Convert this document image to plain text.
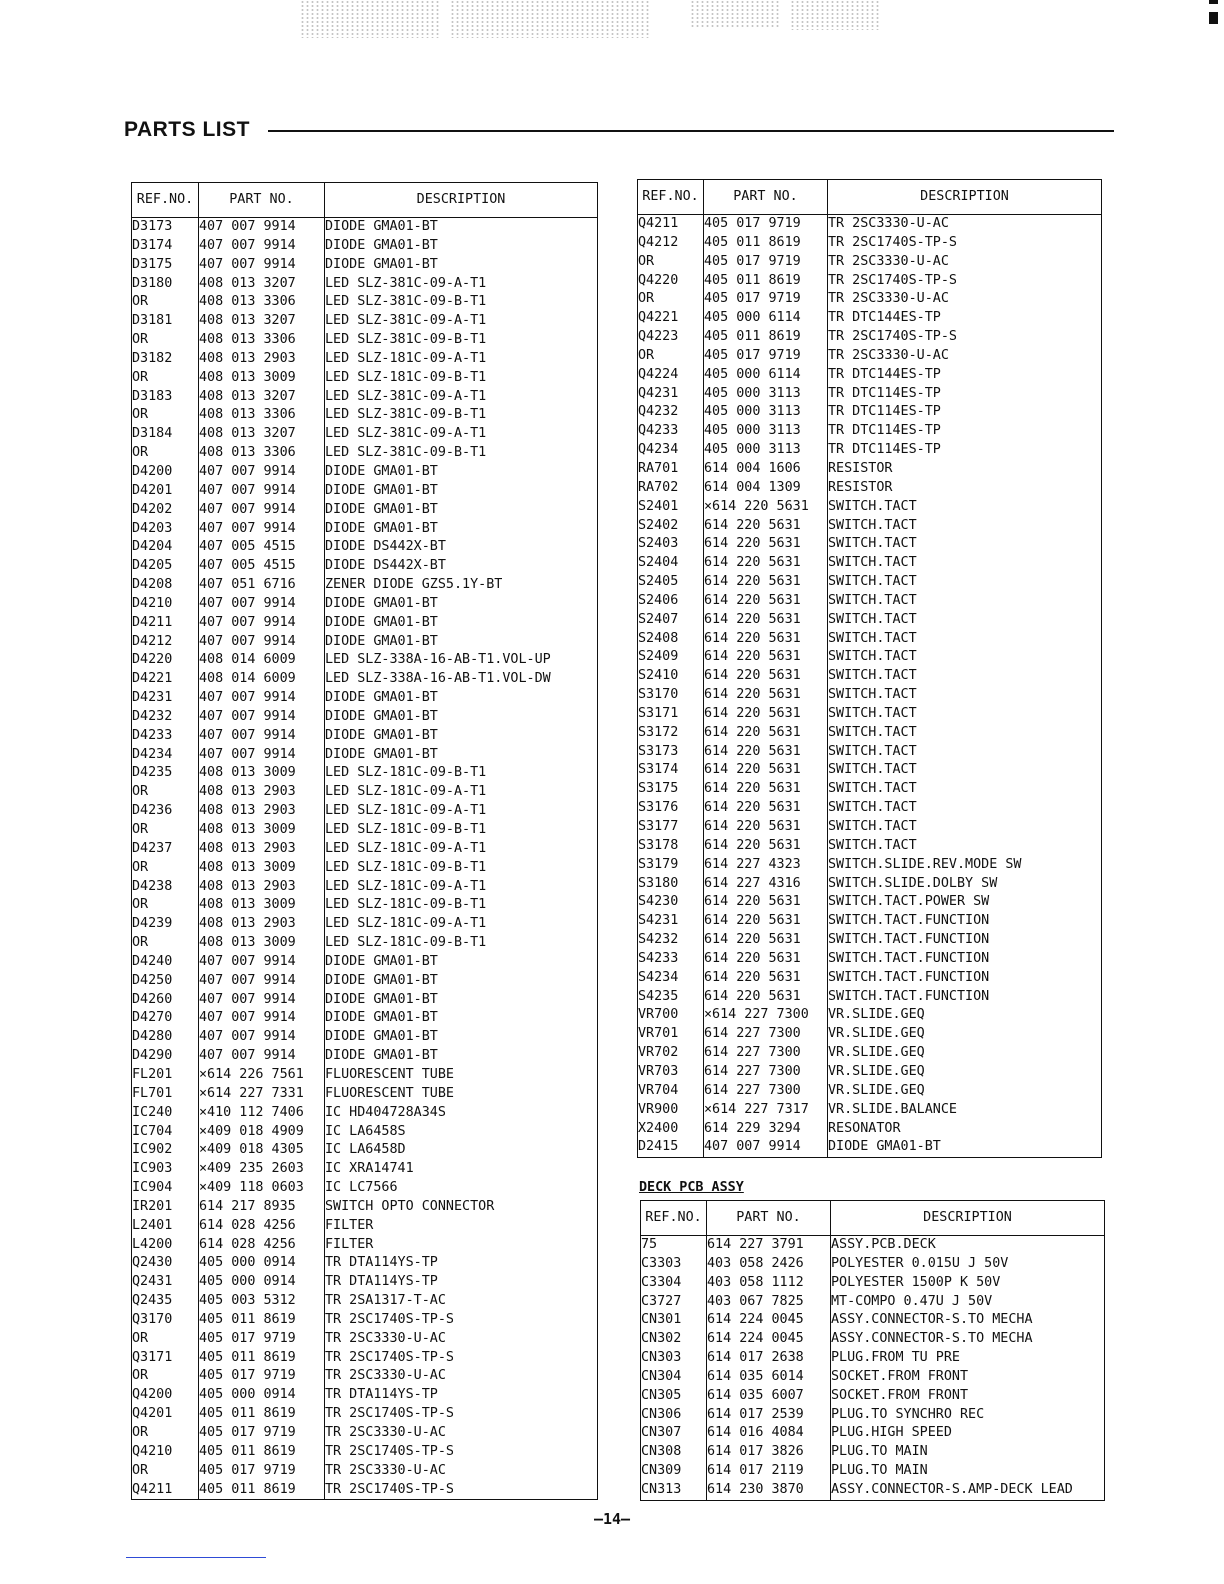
PARTS LIST
REF.NO.	PART NO.	DESCRIPTION
D3173	407 007 9914	DIODE GMA01-BT
D3174	407 007 9914	DIODE GMA01-BT
D3175	407 007 9914	DIODE GMA01-BT
D3180	408 013 3207	LED SLZ-381C-09-A-T1
OR	408 013 3306	LED SLZ-381C-09-B-T1
D3181	408 013 3207	LED SLZ-381C-09-A-T1
OR	408 013 3306	LED SLZ-381C-09-B-T1
D3182	408 013 2903	LED SLZ-181C-09-A-T1
OR	408 013 3009	LED SLZ-181C-09-B-T1
D3183	408 013 3207	LED SLZ-381C-09-A-T1
OR	408 013 3306	LED SLZ-381C-09-B-T1
D3184	408 013 3207	LED SLZ-381C-09-A-T1
OR	408 013 3306	LED SLZ-381C-09-B-T1
D4200	407 007 9914	DIODE GMA01-BT
D4201	407 007 9914	DIODE GMA01-BT
D4202	407 007 9914	DIODE GMA01-BT
D4203	407 007 9914	DIODE GMA01-BT
D4204	407 005 4515	DIODE DS442X-BT
D4205	407 005 4515	DIODE DS442X-BT
D4208	407 051 6716	ZENER DIODE GZS5.1Y-BT
D4210	407 007 9914	DIODE GMA01-BT
D4211	407 007 9914	DIODE GMA01-BT
D4212	407 007 9914	DIODE GMA01-BT
D4220	408 014 6009	LED SLZ-338A-16-AB-T1.VOL-UP
D4221	408 014 6009	LED SLZ-338A-16-AB-T1.VOL-DW
D4231	407 007 9914	DIODE GMA01-BT
D4232	407 007 9914	DIODE GMA01-BT
D4233	407 007 9914	DIODE GMA01-BT
D4234	407 007 9914	DIODE GMA01-BT
D4235	408 013 3009	LED SLZ-181C-09-B-T1
OR	408 013 2903	LED SLZ-181C-09-A-T1
D4236	408 013 2903	LED SLZ-181C-09-A-T1
OR	408 013 3009	LED SLZ-181C-09-B-T1
D4237	408 013 2903	LED SLZ-181C-09-A-T1
OR	408 013 3009	LED SLZ-181C-09-B-T1
D4238	408 013 2903	LED SLZ-181C-09-A-T1
OR	408 013 3009	LED SLZ-181C-09-B-T1
D4239	408 013 2903	LED SLZ-181C-09-A-T1
OR	408 013 3009	LED SLZ-181C-09-B-T1
D4240	407 007 9914	DIODE GMA01-BT
D4250	407 007 9914	DIODE GMA01-BT
D4260	407 007 9914	DIODE GMA01-BT
D4270	407 007 9914	DIODE GMA01-BT
D4280	407 007 9914	DIODE GMA01-BT
D4290	407 007 9914	DIODE GMA01-BT
FL201	×614 226 7561	FLUORESCENT TUBE
FL701	×614 227 7331	FLUORESCENT TUBE
IC240	×410 112 7406	IC HD404728A34S
IC704	×409 018 4909	IC LA6458S
IC902	×409 018 4305	IC LA6458D
IC903	×409 235 2603	IC XRA14741
IC904	×409 118 0603	IC LC7566
IR201	614 217 8935	SWITCH OPTO CONNECTOR
L2401	614 028 4256	FILTER
L4200	614 028 4256	FILTER
Q2430	405 000 0914	TR DTA114YS-TP
Q2431	405 000 0914	TR DTA114YS-TP
Q2435	405 003 5312	TR 2SA1317-T-AC
Q3170	405 011 8619	TR 2SC1740S-TP-S
OR	405 017 9719	TR 2SC3330-U-AC
Q3171	405 011 8619	TR 2SC1740S-TP-S
OR	405 017 9719	TR 2SC3330-U-AC
Q4200	405 000 0914	TR DTA114YS-TP
Q4201	405 011 8619	TR 2SC1740S-TP-S
OR	405 017 9719	TR 2SC3330-U-AC
Q4210	405 011 8619	TR 2SC1740S-TP-S
OR	405 017 9719	TR 2SC3330-U-AC
Q4211	405 011 8619	TR 2SC1740S-TP-S
REF.NO.	PART NO.	DESCRIPTION
Q4211	405 017 9719	TR 2SC3330-U-AC
Q4212	405 011 8619	TR 2SC1740S-TP-S
OR	405 017 9719	TR 2SC3330-U-AC
Q4220	405 011 8619	TR 2SC1740S-TP-S
OR	405 017 9719	TR 2SC3330-U-AC
Q4221	405 000 6114	TR DTC144ES-TP
Q4223	405 011 8619	TR 2SC1740S-TP-S
OR	405 017 9719	TR 2SC3330-U-AC
Q4224	405 000 6114	TR DTC144ES-TP
Q4231	405 000 3113	TR DTC114ES-TP
Q4232	405 000 3113	TR DTC114ES-TP
Q4233	405 000 3113	TR DTC114ES-TP
Q4234	405 000 3113	TR DTC114ES-TP
RA701	614 004 1606	RESISTOR
RA702	614 004 1309	RESISTOR
S2401	×614 220 5631	SWITCH.TACT
S2402	614 220 5631	SWITCH.TACT
S2403	614 220 5631	SWITCH.TACT
S2404	614 220 5631	SWITCH.TACT
S2405	614 220 5631	SWITCH.TACT
S2406	614 220 5631	SWITCH.TACT
S2407	614 220 5631	SWITCH.TACT
S2408	614 220 5631	SWITCH.TACT
S2409	614 220 5631	SWITCH.TACT
S2410	614 220 5631	SWITCH.TACT
S3170	614 220 5631	SWITCH.TACT
S3171	614 220 5631	SWITCH.TACT
S3172	614 220 5631	SWITCH.TACT
S3173	614 220 5631	SWITCH.TACT
S3174	614 220 5631	SWITCH.TACT
S3175	614 220 5631	SWITCH.TACT
S3176	614 220 5631	SWITCH.TACT
S3177	614 220 5631	SWITCH.TACT
S3178	614 220 5631	SWITCH.TACT
S3179	614 227 4323	SWITCH.SLIDE.REV.MODE SW
S3180	614 227 4316	SWITCH.SLIDE.DOLBY SW
S4230	614 220 5631	SWITCH.TACT.POWER SW
S4231	614 220 5631	SWITCH.TACT.FUNCTION
S4232	614 220 5631	SWITCH.TACT.FUNCTION
S4233	614 220 5631	SWITCH.TACT.FUNCTION
S4234	614 220 5631	SWITCH.TACT.FUNCTION
S4235	614 220 5631	SWITCH.TACT.FUNCTION
VR700	×614 227 7300	VR.SLIDE.GEQ
VR701	614 227 7300	VR.SLIDE.GEQ
VR702	614 227 7300	VR.SLIDE.GEQ
VR703	614 227 7300	VR.SLIDE.GEQ
VR704	614 227 7300	VR.SLIDE.GEQ
VR900	×614 227 7317	VR.SLIDE.BALANCE
X2400	614 229 3294	RESONATOR
D2415	407 007 9914	DIODE GMA01-BT
DECK PCB ASSY
REF.NO.	PART NO.	DESCRIPTION
75	614 227 3791	ASSY.PCB.DECK
C3303	403 058 2426	POLYESTER 0.015U J 50V
C3304	403 058 1112	POLYESTER 1500P K 50V
C3727	403 067 7825	MT-COMPO 0.47U J 50V
CN301	614 224 0045	ASSY.CONNECTOR-S.TO MECHA
CN302	614 224 0045	ASSY.CONNECTOR-S.TO MECHA
CN303	614 017 2638	PLUG.FROM TU PRE
CN304	614 035 6014	SOCKET.FROM FRONT
CN305	614 035 6007	SOCKET.FROM FRONT
CN306	614 017 2539	PLUG.TO SYNCHRO REC
CN307	614 016 4084	PLUG.HIGH SPEED
CN308	614 017 3826	PLUG.TO MAIN
CN309	614 017 2119	PLUG.TO MAIN
CN313	614 230 3870	ASSY.CONNECTOR-S.AMP-DECK LEAD
–14–
